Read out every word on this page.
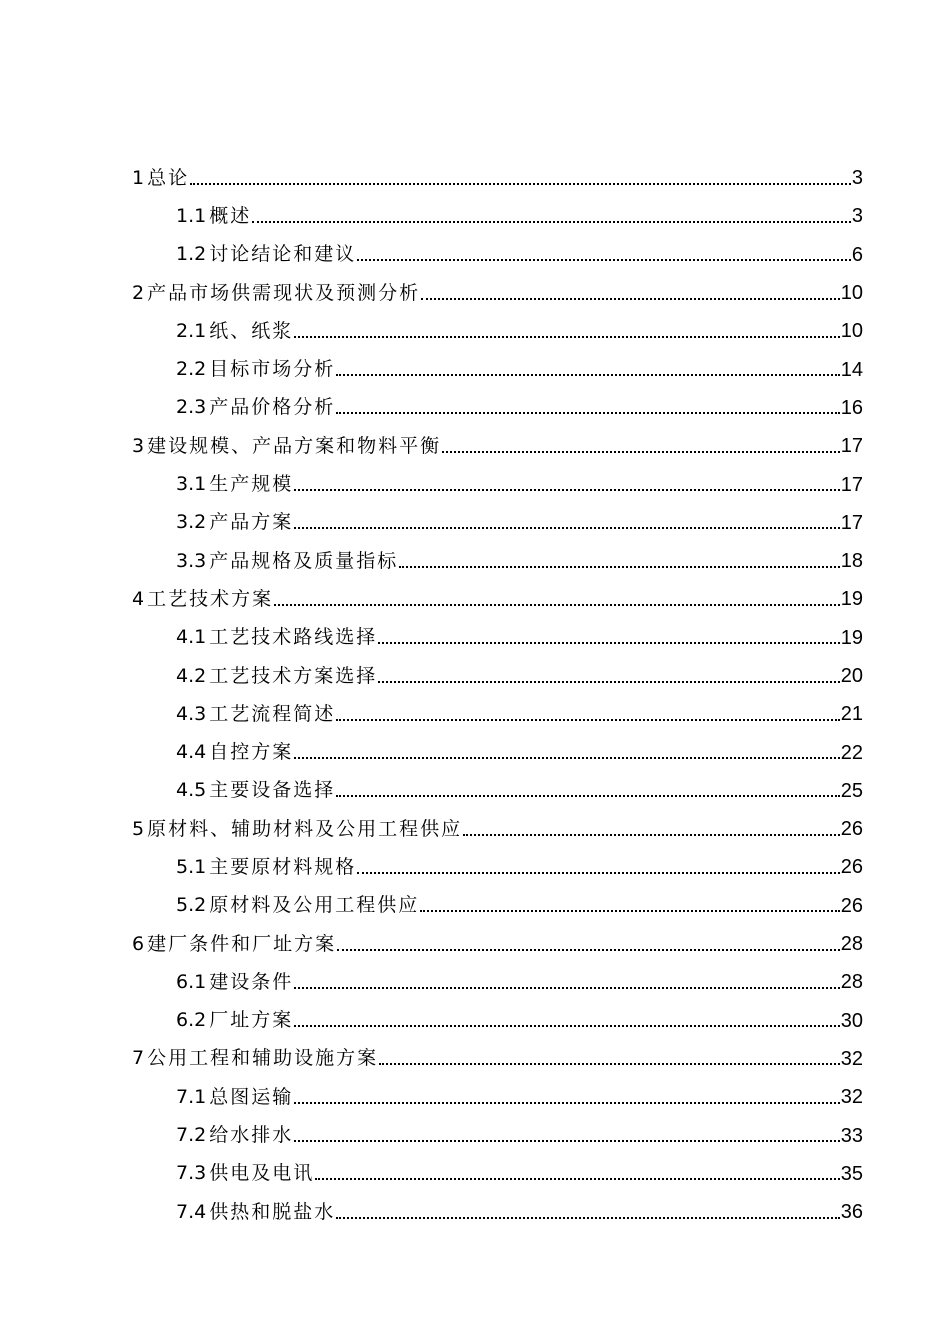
1 总论	3
1.1 概述	3
1.2 讨论结论和建议	6
2 产品市场供需现状及预测分析	10
2.1 纸、纸浆	10
2.2 目标市场分析	14
2.3 产品价格分析	16
3 建设规模、产品方案和物料平衡	17
3.1 生产规模	17
3.2 产品方案	17
3.3 产品规格及质量指标	18
4 工艺技术方案	19
4.1 工艺技术路线选择	19
4.2 工艺技术方案选择	20
4.3 工艺流程简述	21
4.4 自控方案	22
4.5 主要设备选择	25
5 原材料、辅助材料及公用工程供应	26
5.1 主要原材料规格	26
5.2 原材料及公用工程供应	26
6 建厂条件和厂址方案	28
6.1 建设条件	28
6.2 厂址方案	30
7 公用工程和辅助设施方案	32
7.1 总图运输	32
7.2 给水排水	33
7.3 供电及电讯	35
7.4 供热和脱盐水	36
